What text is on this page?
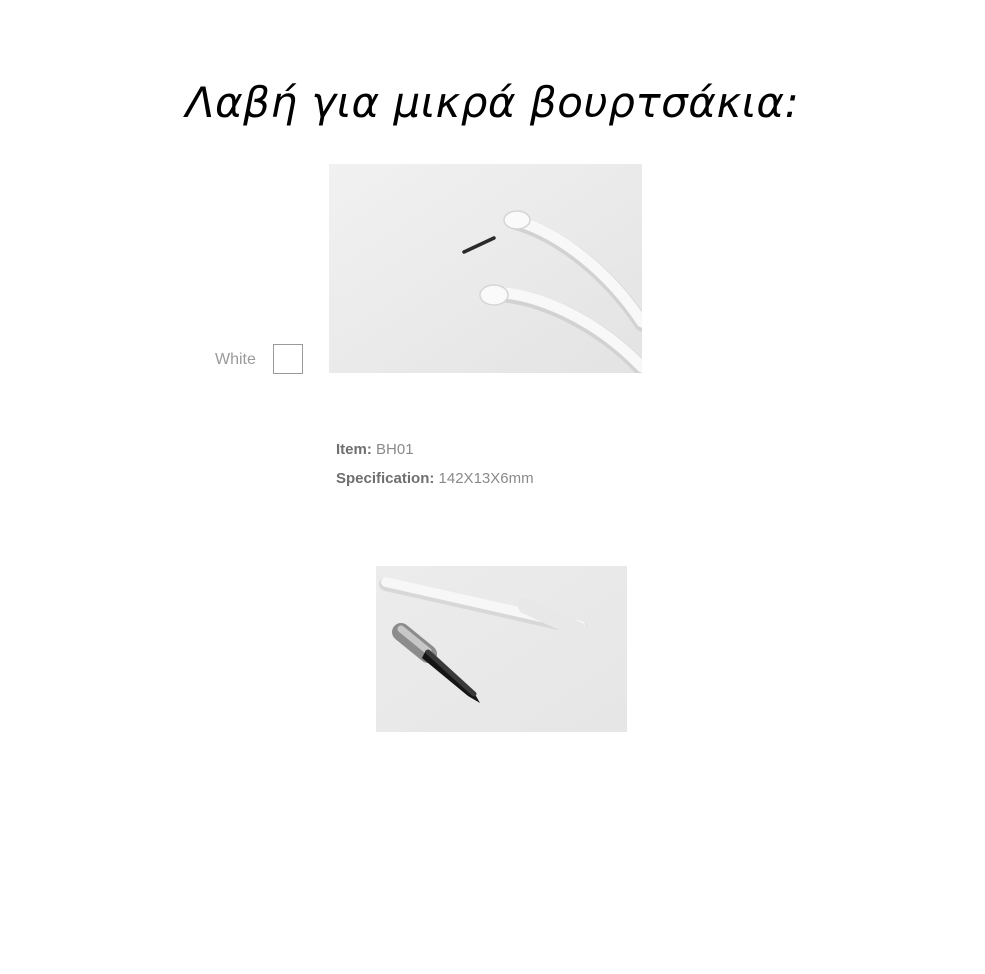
Λαβή για μικρά βουρτσάκια:
White
Item: BH01
Specification: 142X13X6mm
